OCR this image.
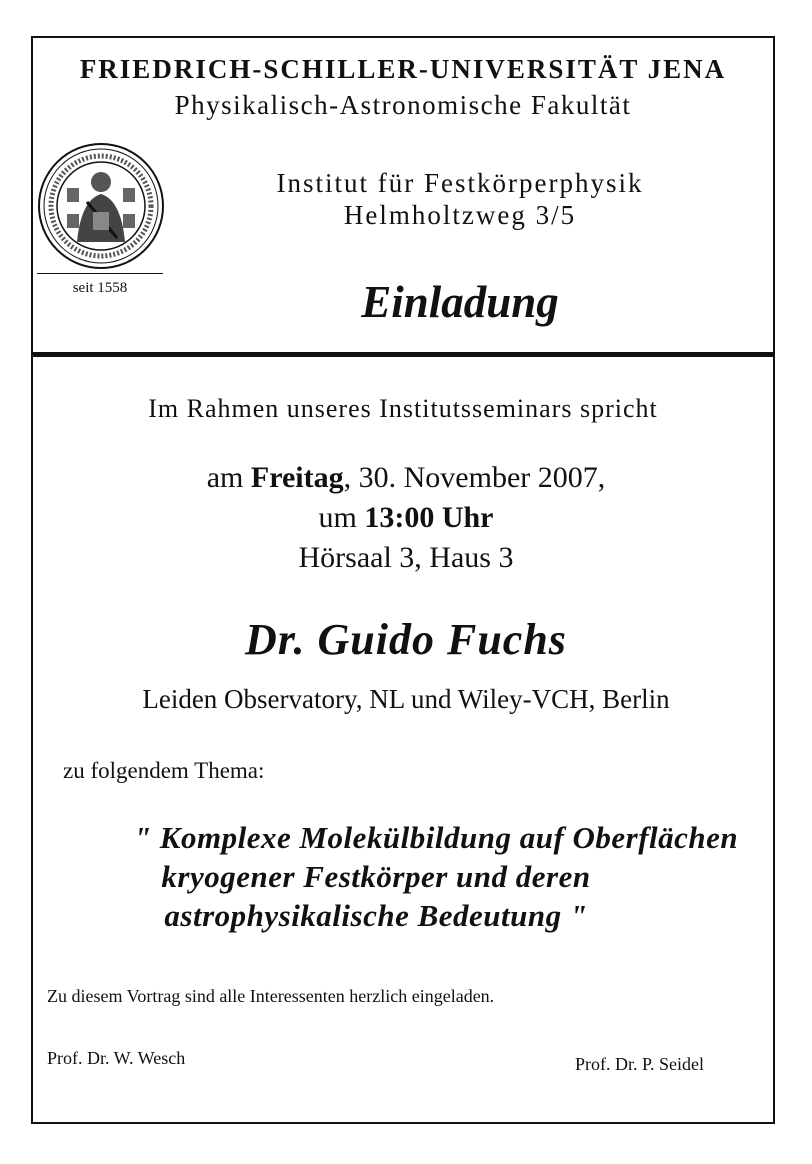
FRIEDRICH-SCHILLER-UNIVERSITÄT JENA
Physikalisch-Astronomische Fakultät
seit 1558
Institut für Festkörperphysik
Helmholtzweg 3/5
Einladung
Im Rahmen unseres Institutsseminars spricht
am Freitag, 30. November 2007,
um 13:00 Uhr
Hörsaal 3, Haus 3
Dr. Guido Fuchs
Leiden Observatory, NL und Wiley-VCH, Berlin
zu folgendem Thema:
" Komplexe Molekülbildung auf Oberflächen
kryogener Festkörper und deren
astrophysikalische Bedeutung "
Zu diesem Vortrag sind alle Interessenten herzlich eingeladen.
Prof. Dr. W. Wesch	Prof. Dr. P. Seidel
